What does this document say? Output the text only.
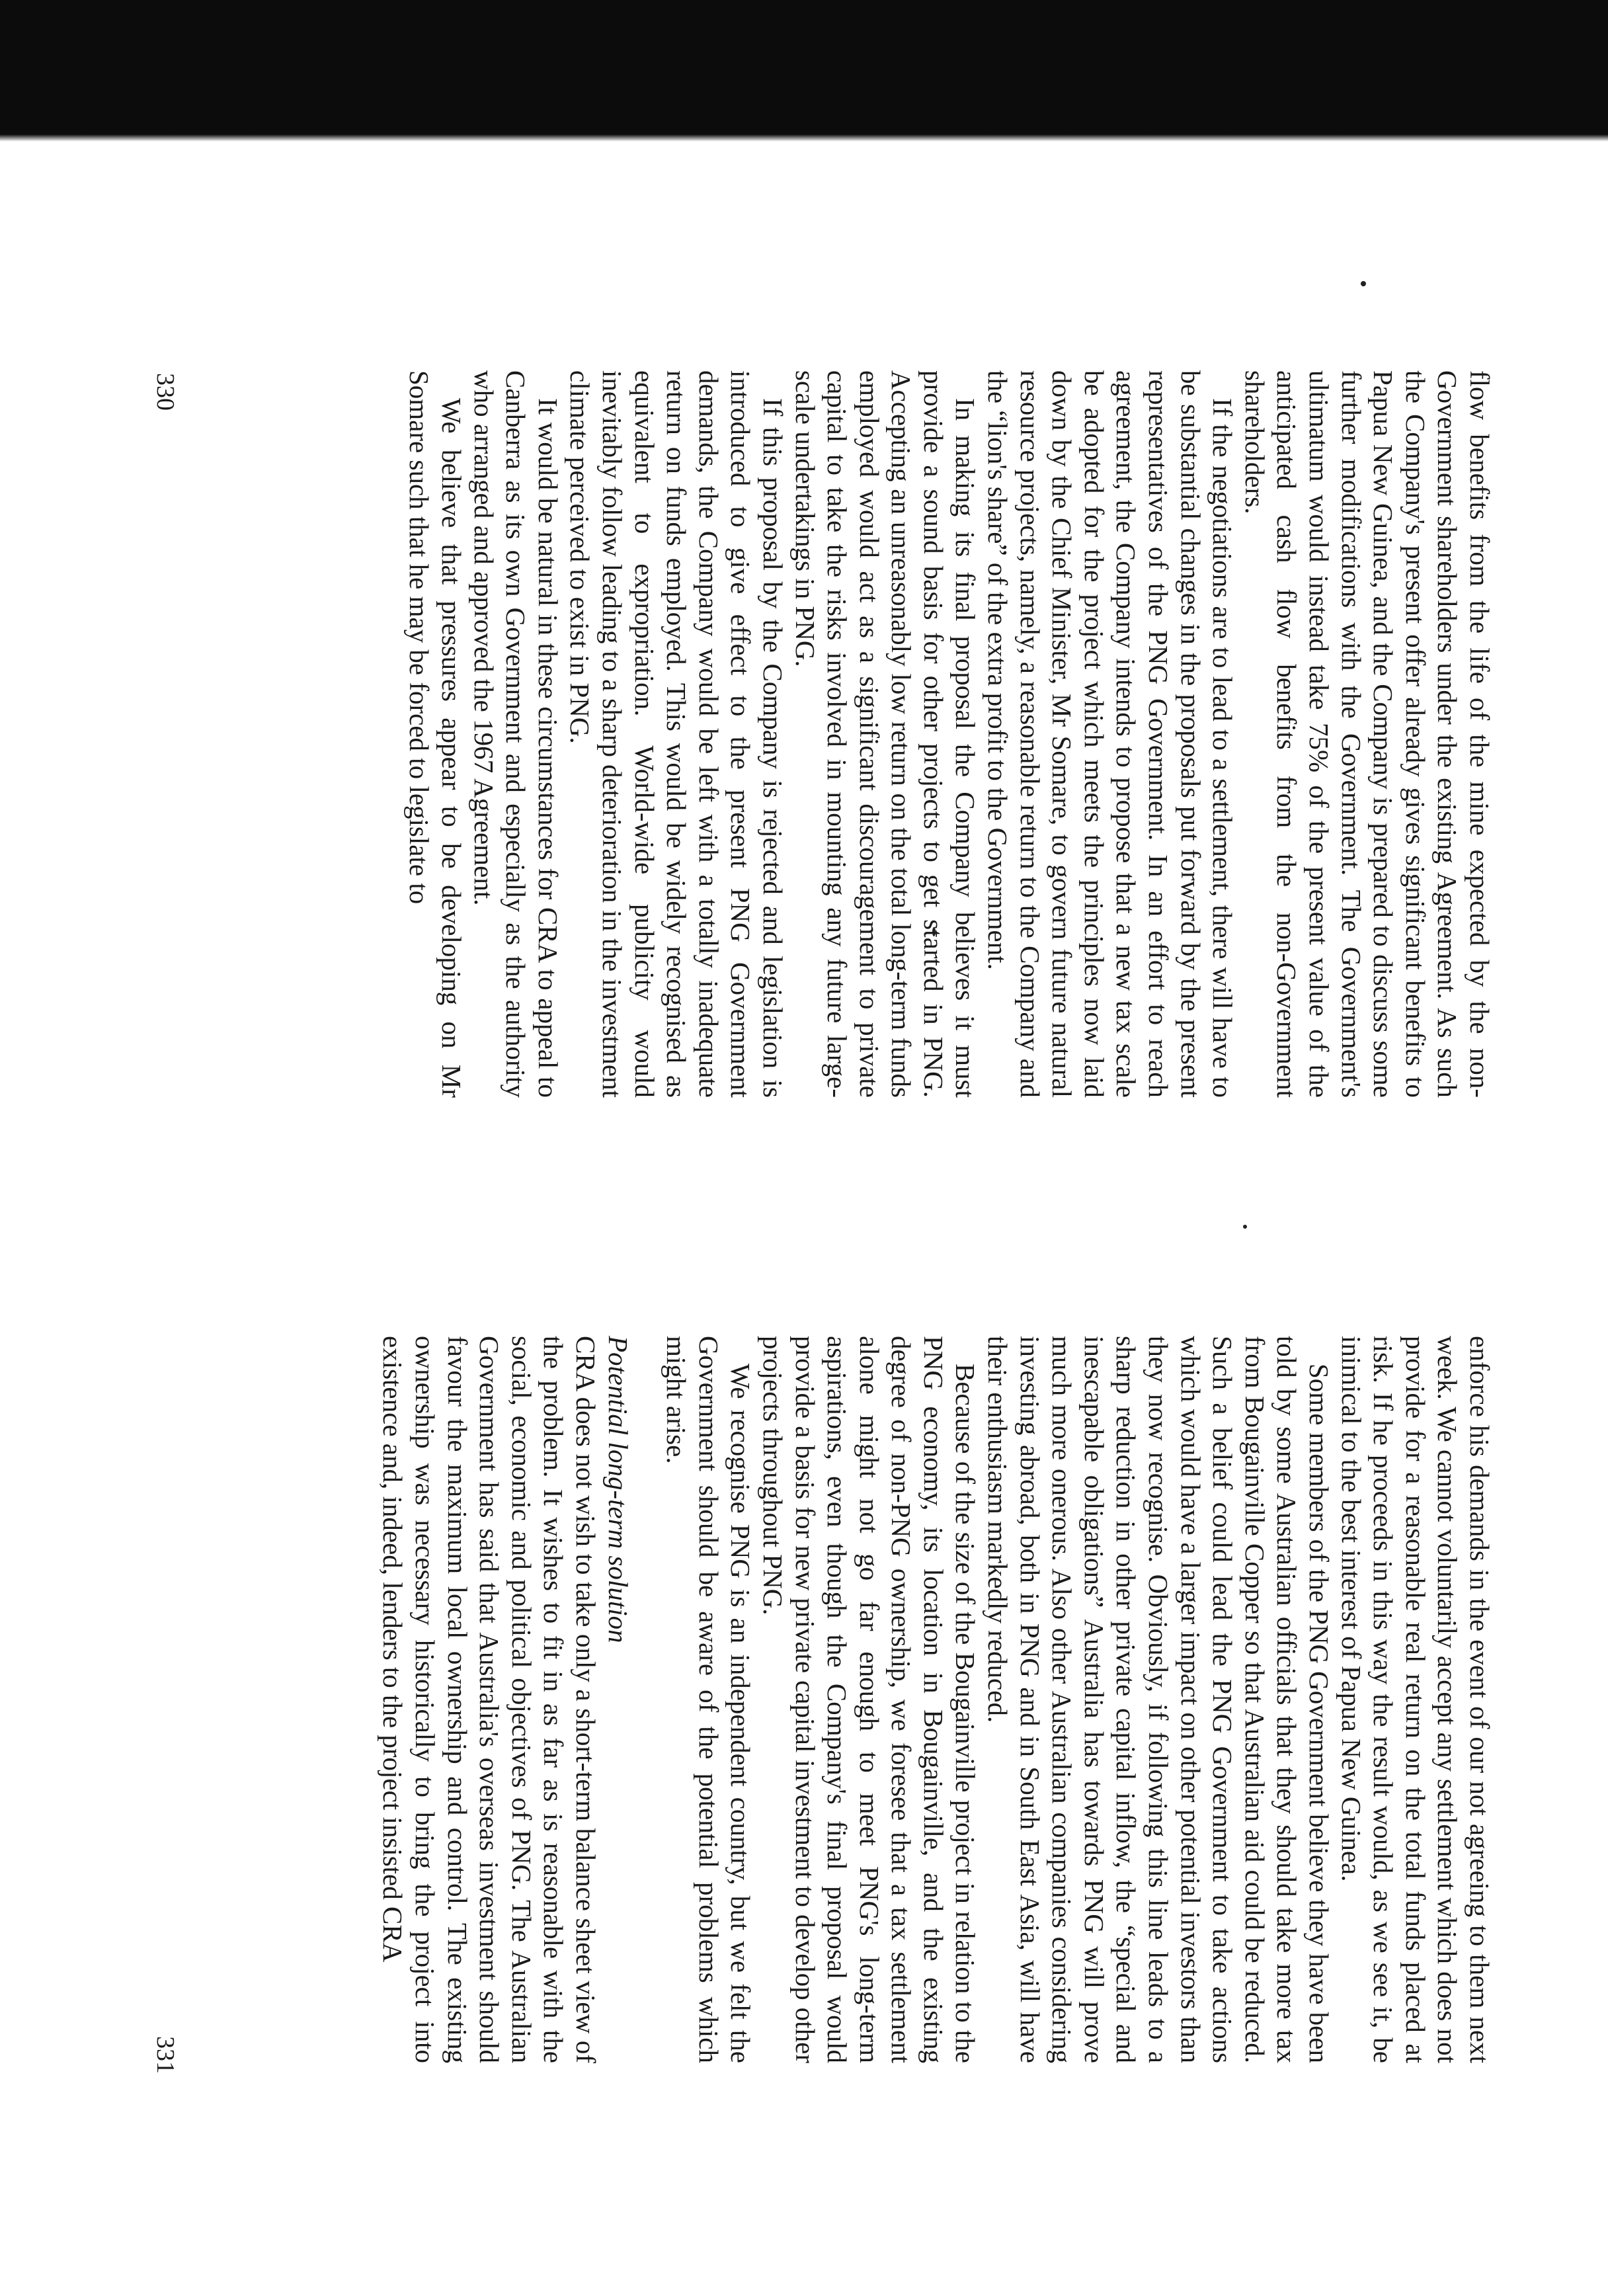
flow benefits from the life of the mine expected by the non-Government shareholders under the existing Agreement. As such the Company's present offer already gives significant benefits to Papua New Guinea, and the Company is prepared to discuss some further modifications with the Government. The Government's ultimatum would instead take 75% of the present value of the anticipated cash flow benefits from the non-Government shareholders.

If the negotiations are to lead to a settlement, there will have to be substantial changes in the proposals put forward by the present representatives of the PNG Government. In an effort to reach agreement, the Company intends to propose that a new tax scale be adopted for the project which meets the principles now laid down by the Chief Minister, Mr Somare, to govern future natural resource projects, namely, a reasonable return to the Company and the “lion's share” of the extra profit to the Government.

In making its final proposal the Company believes it must provide a sound basis for other projects to get started in PNG. Accepting an unreasonably low return on the total long-term funds employed would act as a significant discouragement to private capital to take the risks involved in mounting any future large-scale undertakings in PNG.

If this proposal by the Company is rejected and legislation is introduced to give effect to the present PNG Government demands, the Company would be left with a totally inadequate return on funds employed. This would be widely recognised as equivalent to expropriation. World-wide publicity would inevitably follow leading to a sharp deterioration in the investment climate perceived to exist in PNG.

It would be natural in these circumstances for CRA to appeal to Canberra as its own Government and especially as the authority who arranged and approved the 1967 Agreement.

We believe that pressures appear to be developing on Mr Somare such that he may be forced to legislate to

330

enforce his demands in the event of our not agreeing to them next week. We cannot voluntarily accept any settlement which does not provide for a reasonable real return on the total funds placed at risk. If he proceeds in this way the result would, as we see it, be inimical to the best interest of Papua New Guinea.

Some members of the PNG Government believe they have been told by some Australian officials that they should take more tax from Bougainville Copper so that Australian aid could be reduced. Such a belief could lead the PNG Government to take actions which would have a larger impact on other potential investors than they now recognise. Obviously, if following this line leads to a sharp reduction in other private capital inflow, the “special and inescapable obligations” Australia has towards PNG will prove much more onerous. Also other Australian companies considering investing abroad, both in PNG and in South East Asia, will have their enthusiasm markedly reduced.

Because of the size of the Bougainville project in relation to the PNG economy, its location in Bougainville, and the existing degree of non-PNG ownership, we foresee that a tax settlement alone might not go far enough to meet PNG's long-term aspirations, even though the Company's final proposal would provide a basis for new private capital investment to develop other projects throughout PNG.

We recognise PNG is an independent country, but we felt the Government should be aware of the potential problems which might arise.

Potential long-term solution

CRA does not wish to take only a short-term balance sheet view of the problem. It wishes to fit in as far as is reasonable with the social, economic and political objectives of PNG. The Australian Government has said that Australia's overseas investment should favour the maximum local ownership and control. The existing ownership was necessary historically to bring the project into existence and, indeed, lenders to the project insisted CRA

331
